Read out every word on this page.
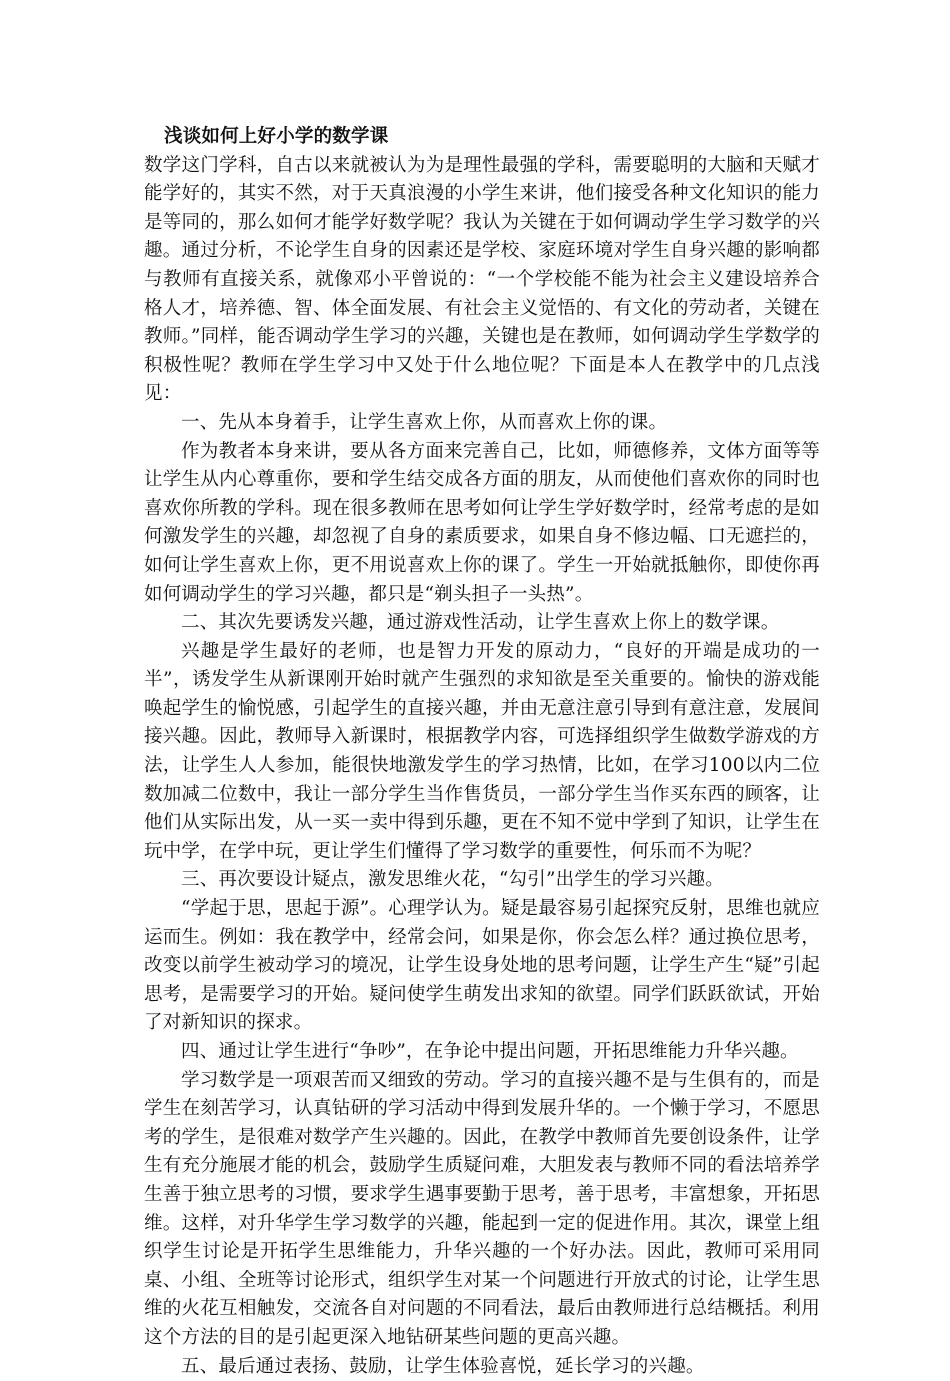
浅谈如何上好小学的数学课

数学这门学科，自古以来就被认为为是理性最强的学科，需要聪明的大脑和天赋才能学好的，其实不然，对于天真浪漫的小学生来讲，他们接受各种文化知识的能力是等同的，那么如何才能学好数学呢？我认为关键在于如何调动学生学习数学的兴趣。通过分析，不论学生自身的因素还是学校、家庭环境对学生自身兴趣的影响都与教师有直接关系，就像邓小平曾说的：“一个学校能不能为社会主义建设培养合格人才，培养德、智、体全面发展、有社会主义觉悟的、有文化的劳动者，关键在教师。”同样，能否调动学生学习的兴趣，关键也是在教师，如何调动学生学数学的积极性呢？教师在学生学习中又处于什么地位呢？下面是本人在教学中的几点浅见：

一、先从本身着手，让学生喜欢上你，从而喜欢上你的课。

作为教者本身来讲，要从各方面来完善自己，比如，师德修养，文体方面等等让学生从内心尊重你，要和学生结交成各方面的朋友，从而使他们喜欢你的同时也喜欢你所教的学科。现在很多教师在思考如何让学生学好数学时，经常考虑的是如何激发学生的兴趣，却忽视了自身的素质要求，如果自身不修边幅、口无遮拦的，如何让学生喜欢上你，更不用说喜欢上你的课了。学生一开始就抵触你，即使你再如何调动学生的学习兴趣，都只是“剃头担子一头热”。

二、其次先要诱发兴趣，通过游戏性活动，让学生喜欢上你上的数学课。

兴趣是学生最好的老师，也是智力开发的原动力，“良好的开端是成功的一半”，诱发学生从新课刚开始时就产生强烈的求知欲是至关重要的。愉快的游戏能唤起学生的愉悦感，引起学生的直接兴趣，并由无意注意引导到有意注意，发展间接兴趣。因此，教师导入新课时，根据教学内容，可选择组织学生做数学游戏的方法，让学生人人参加，能很快地激发学生的学习热情，比如，在学习100以内二位数加减二位数中，我让一部分学生当作售货员，一部分学生当作买东西的顾客，让他们从实际出发，从一买一卖中得到乐趣，更在不知不觉中学到了知识，让学生在玩中学，在学中玩，更让学生们懂得了学习数学的重要性，何乐而不为呢？

三、再次要设计疑点，激发思维火花，“勾引”出学生的学习兴趣。

“学起于思，思起于源”。心理学认为。疑是最容易引起探究反射，思维也就应运而生。例如：我在教学中，经常会问，如果是你，你会怎么样？通过换位思考，改变以前学生被动学习的境况，让学生设身处地的思考问题，让学生产生“疑”引起思考，是需要学习的开始。疑问使学生萌发出求知的欲望。同学们跃跃欲试，开始了对新知识的探求。

四、通过让学生进行“争吵”，在争论中提出问题，开拓思维能力升华兴趣。

学习数学是一项艰苦而又细致的劳动。学习的直接兴趣不是与生俱有的，而是学生在刻苦学习，认真钻研的学习活动中得到发展升华的。一个懒于学习，不愿思考的学生，是很难对数学产生兴趣的。因此，在教学中教师首先要创设条件，让学生有充分施展才能的机会，鼓励学生质疑问难，大胆发表与教师不同的看法培养学生善于独立思考的习惯，要求学生遇事要勤于思考，善于思考，丰富想象，开拓思维。这样，对升华学生学习数学的兴趣，能起到一定的促进作用。其次，课堂上组织学生讨论是开拓学生思维能力，升华兴趣的一个好办法。因此，教师可采用同桌、小组、全班等讨论形式，组织学生对某一个问题进行开放式的讨论，让学生思维的火花互相触发，交流各自对问题的不同看法，最后由教师进行总结概括。利用这个方法的目的是引起更深入地钻研某些问题的更高兴趣。

五、最后通过表扬、鼓励，让学生体验喜悦，延长学习的兴趣。
